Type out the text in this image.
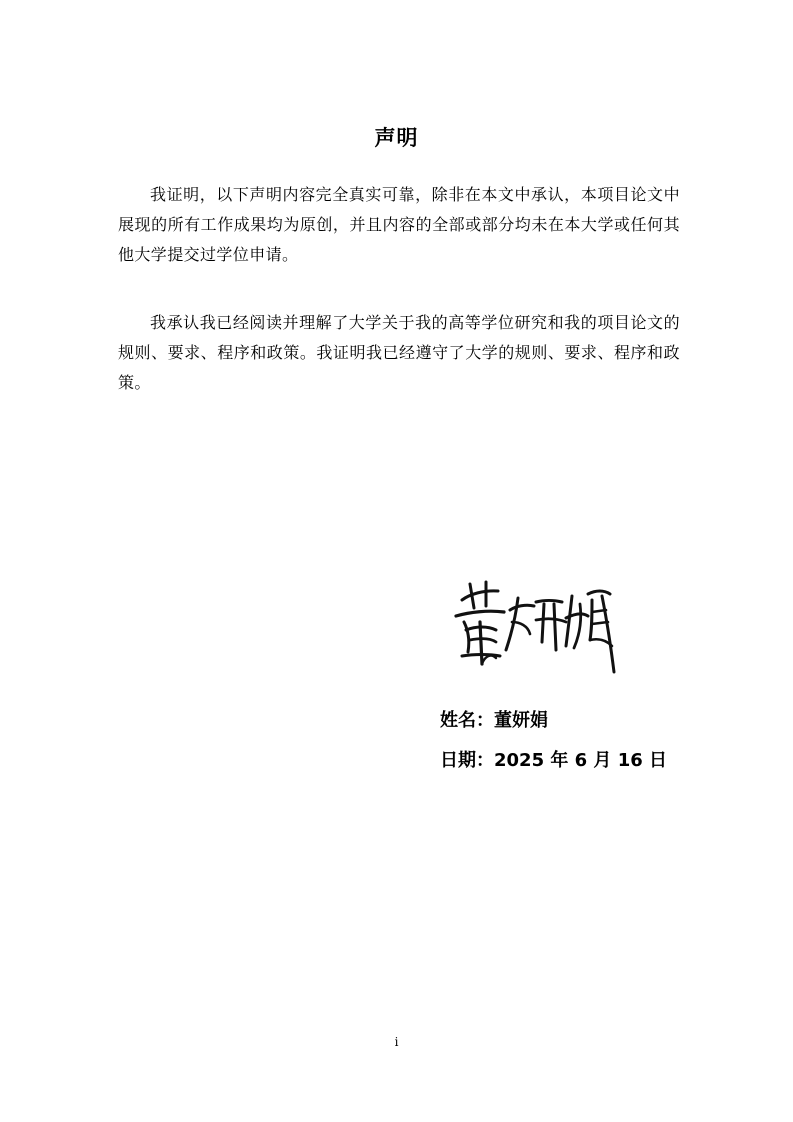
声明

我证明，以下声明内容完全真实可靠，除非在本文中承认，本项目论文中展现的所有工作成果均为原创，并且内容的全部或部分均未在本大学或任何其他大学提交过学位申请。

我承认我已经阅读并理解了大学关于我的高等学位研究和我的项目论文的规则、要求、程序和政策。我证明我已经遵守了大学的规则、要求、程序和政策。

姓名：董妍娟
日期：2025 年 6 月 16 日
i
